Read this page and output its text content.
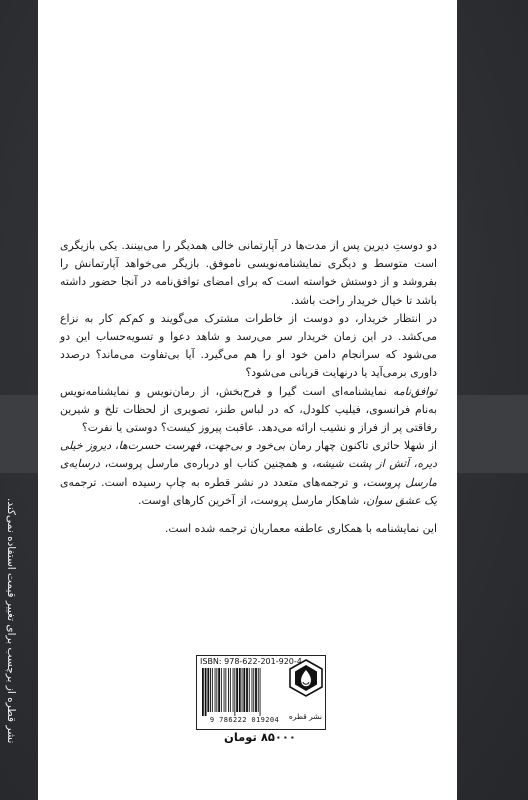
نشر قطره از برچسب برای تغییر قیمت استفاده نمی‌کند.

دو دوستِ دیرین پس از مدت‌ها در آپارتمانی خالی همدیگر را می‌بینند. یکی بازیگری است متوسط و دیگری نمایشنامه‌نویسی ناموفق. بازیگر می‌خواهد آپارتمانش را بفروشد و از دوستش خواسته است که برای امضای توافق‌نامه در آنجا حضور داشته باشد تا خیال خریدار راحت باشد.

در انتظار خریدار، دو دوست از خاطرات مشترک می‌گویند و کم‌کم کار به نزاع می‌کشد. در این زمان خریدار سر می‌رسد و شاهد دعوا و تسویه‌حساب این دو می‌شود که سرانجام دامن خود او را هم می‌گیرد. آیا بی‌تفاوت می‌ماند؟ درصدد داوری برمی‌آید یا درنهایت قربانی می‌شود؟

توافق‌نامه نمایشنامه‌ای است گیرا و فرح‌بخش، از رمان‌نویس و نمایشنامه‌نویس به‌نام فرانسوی، فیلیپ کلودل، که در لباس طنز، تصویری از لحظات تلخ و شیرین رفاقتی پر از فراز و نشیب ارائه می‌دهد. عاقبت پیروز کیست؟ دوستی یا نفرت؟

از شهلا حائری تاکنون چهار رمان بی‌خود و بی‌جهت، فهرست حسرت‌ها، دیروز خیلی دیره، آتش از پشت شیشه، و همچنین کتاب او درباره‌ی مارسل پروست، درسایه‌ی مارسل پروست، و ترجمه‌های متعدد در نشر قطره به چاپ رسیده است. ترجمه‌ی یک عشق سوان، شاهکار مارسل پروست، از آخرین کارهای اوست.

این نمایشنامه با همکاری عاطفه معماریان ترجمه شده است.

ISBN: 978-622-201-920-4
9 786222 019204	نشر قطره
۸۵۰۰۰ تومان
